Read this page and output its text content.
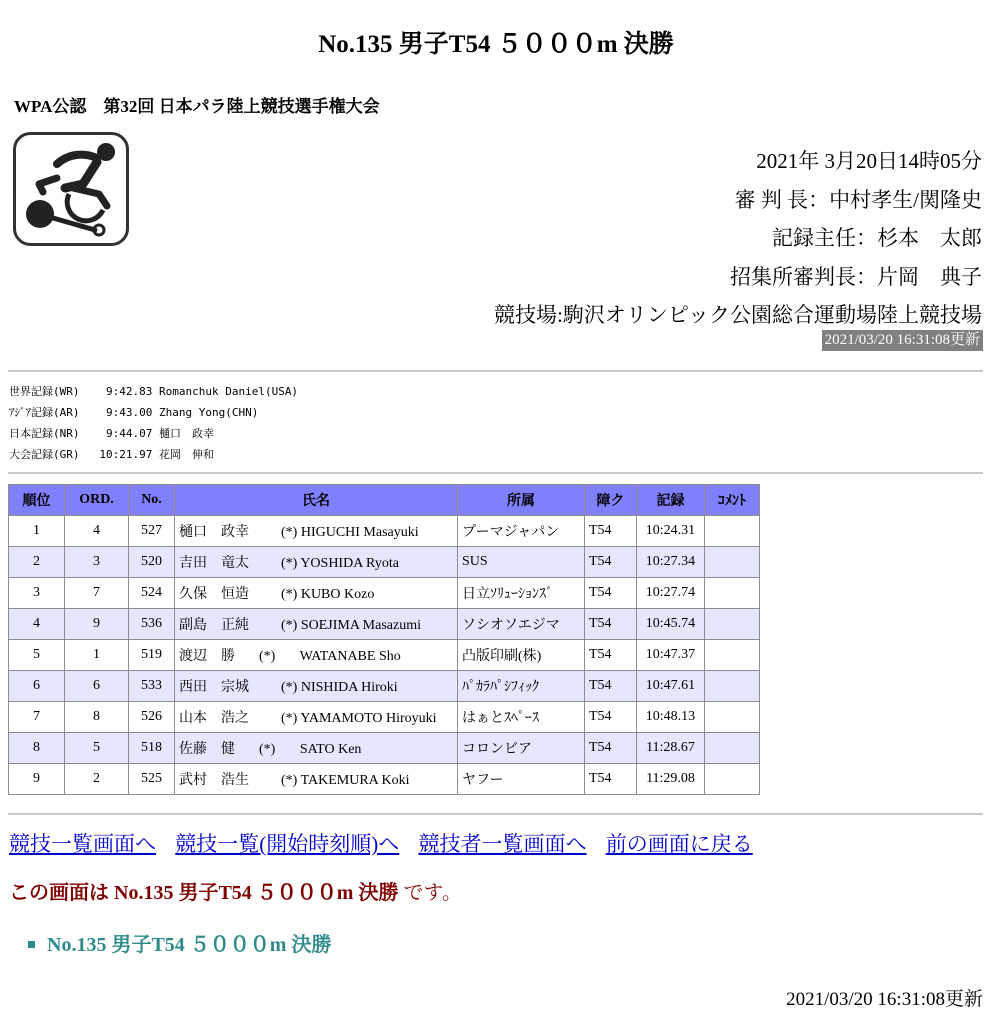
No.135 男子T54 ５０００m 決勝
WPA公認　第32回 日本パラ陸上競技選手権大会
2021年 3月20日14時05分
審 判 長：中村孝生/関隆史
記録主任：杉本　太郎
招集所審判長：片岡　典子
競技場:駒沢オリンピック公園総合運動場陸上競技場
2021/03/20 16:31:08更新
世界記録(WR)    9:42.83 Romanchuk Daniel(USA)
ｱｼﾞｱ記録(AR)    9:43.00 Zhang Yong(CHN)
日本記録(NR)    9:44.07 樋口　政幸
大会記録(GR) 10:21.97 花岡　伸和
順位	ORD.	No.	氏名	所属	障ク	記録	ｺﾒﾝﾄ
1	4	527	樋口　政幸 (*) HIGUCHI Masayuki	プーマジャパン	T54	10:24.31	
2	3	520	吉田　竜太 (*) YOSHIDA Ryota	SUS	T54	10:27.34	
3	7	524	久保　恒造 (*) KUBO Kozo	日立ｿﾘｭｰｼｮﾝｽﾞ	T54	10:27.74	
4	9	536	副島　正純 (*) SOEJIMA Masazumi	ソシオソエジマ	T54	10:45.74	
5	1	519	渡辺　勝 (*) WATANABE Sho	凸版印刷(株)	T54	10:47.37	
6	6	533	西田　宗城 (*) NISHIDA Hiroki	ﾊﾟｶﾗﾊﾟｼﾌｨｯｸ	T54	10:47.61	
7	8	526	山本　浩之 (*) YAMAMOTO Hiroyuki	はぁとｽﾍﾟｰｽ	T54	10:48.13	
8	5	518	佐藤　健 (*) SATO Ken	コロンビア	T54	11:28.67	
9	2	525	武村　浩生 (*) TAKEMURA Koki	ヤフー	T54	11:29.08	
競技一覧画面へ 競技一覧(開始時刻順)へ 競技者一覧画面へ 前の画面に戻る
この画面は No.135 男子T54 ５０００m 決勝 です。
No.135 男子T54 ５０００m 決勝
2021/03/20 16:31:08更新
